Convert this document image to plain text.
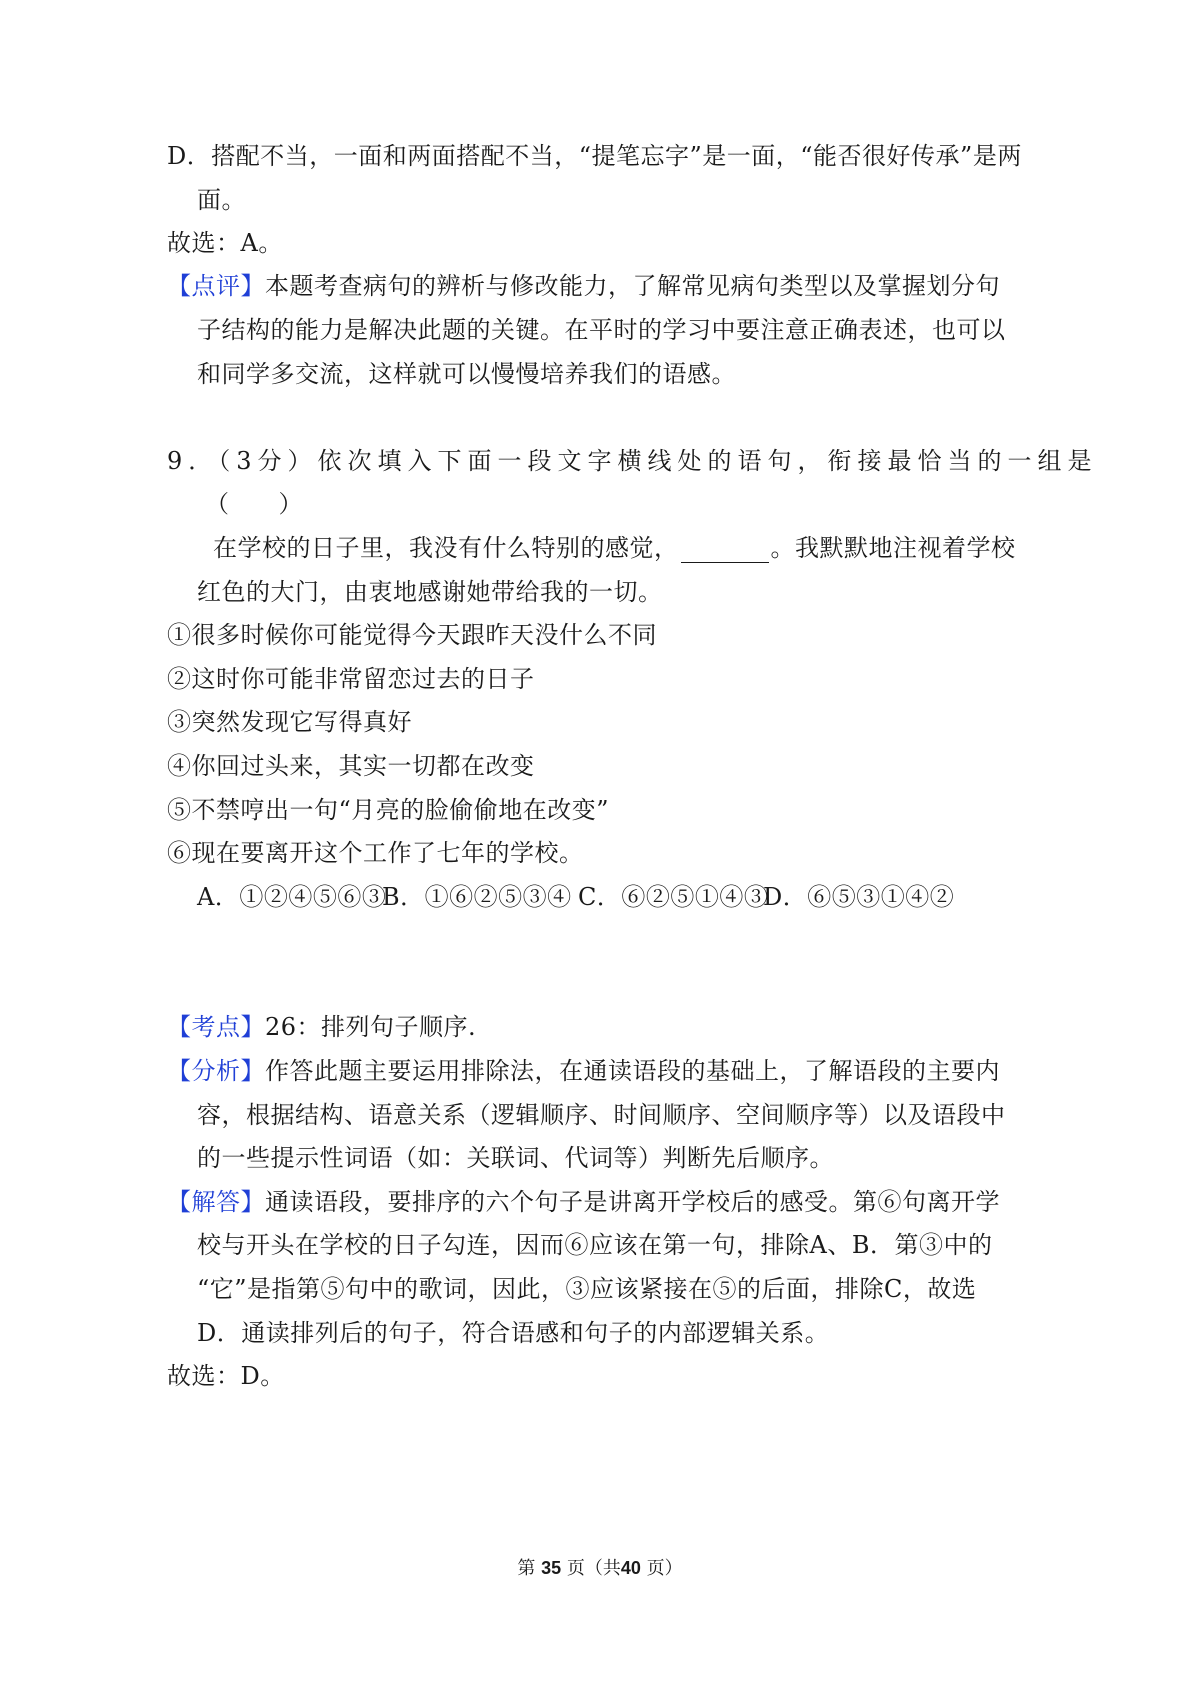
D．搭配不当，一面和两面搭配不当，“提笔忘字”是一面，“能否很好传承”是两
面。
故选：A。
【点评】本题考查病句的辨析与修改能力，了解常见病句类型以及掌握划分句
子结构的能力是解决此题的关键。在平时的学习中要注意正确表述，也可以
和同学多交流，这样就可以慢慢培养我们的语感。
9．（3分）依次填入下面一段文字横线处的语句，衔接最恰当的一组是
（　　）
在学校的日子里，我没有什么特别的感觉，	。我默默地注视着学校
红色的大门，由衷地感谢她带给我的一切。
①很多时候你可能觉得今天跟昨天没什么不同
②这时你可能非常留恋过去的日子
③突然发现它写得真好
④你回过头来，其实一切都在改变
⑤不禁哼出一句“月亮的脸偷偷地在改变”
⑥现在要离开这个工作了七年的学校。
A．①②④⑤⑥③
B．①⑥②⑤③④ C．⑥②⑤①④③
D．⑥⑤③①④②
【考点】26：排列句子顺序.
【分析】作答此题主要运用排除法，在通读语段的基础上，了解语段的主要内
容，根据结构、语意关系（逻辑顺序、时间顺序、空间顺序等）以及语段中
的一些提示性词语（如：关联词、代词等）判断先后顺序。
【解答】通读语段，要排序的六个句子是讲离开学校后的感受。第⑥句离开学
校与开头在学校的日子勾连，因而⑥应该在第一句，排除A、B．第③中的
“它”是指第⑤句中的歌词，因此，③应该紧接在⑤的后面，排除C，故选
D．通读排列后的句子，符合语感和句子的内部逻辑关系。
故选：D。
第 35 页（共40 页）
